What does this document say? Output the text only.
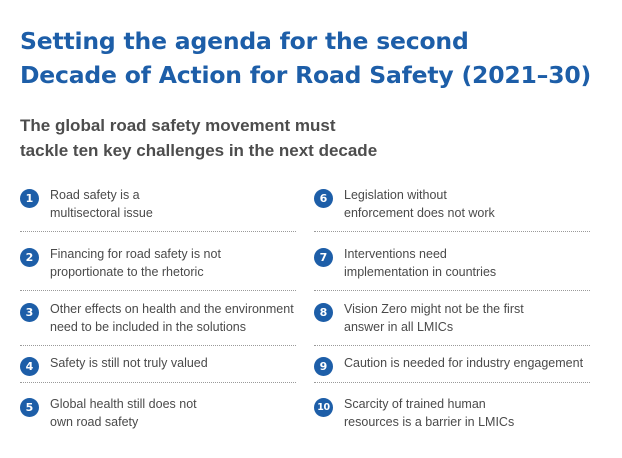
Setting the agenda for the second
Decade of Action for Road Safety (2021–30)
The global road safety movement must
tackle ten key challenges in the next decade
1	Road safety is a
multisectoral issue
2	Financing for road safety is not
proportionate to the rhetoric
3	Other effects on health and the environment
need to be included in the solutions
4	Safety is still not truly valued
5	Global health still does not
own road safety
6	Legislation without
enforcement does not work
7	Interventions need
implementation in countries
8	Vision Zero might not be the first
answer in all LMICs
9	Caution is needed for industry engagement
10 Scarcity of trained human
resources is a barrier in LMICs
